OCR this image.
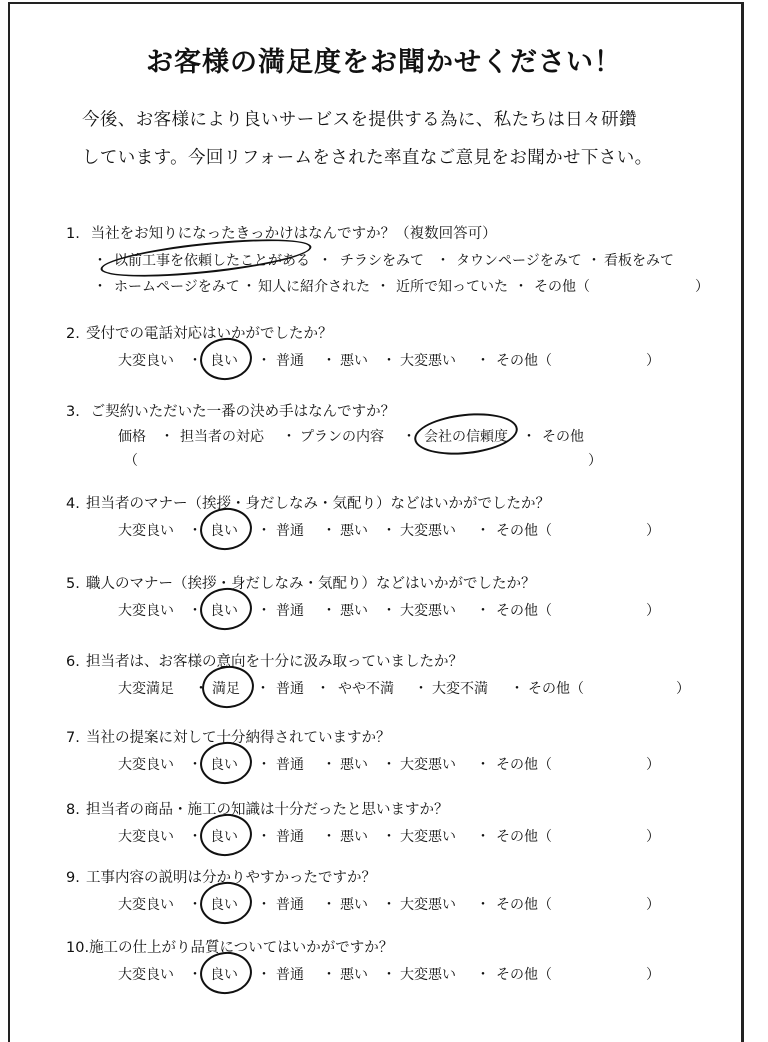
お客様の満足度をお聞かせください！
今後、お客様により良いサービスを提供する為に、私たちは日々研鑽
しています。今回リフォームをされた率直なご意見をお聞かせ下さい。
1. 当社をお知りになったきっかけはなんですか？（複数回答可）
・ 以前工事を依頼したことがある ・ チラシをみて ・ タウンページをみて ・ 看板をみて
・ ホームページをみて ・ 知人に紹介された ・ 近所で知っていた ・ その他（	）
2. 受付での電話対応はいかがでしたか？
大変良い ・ 良い ・ 普通 ・ 悪い ・ 大変悪い ・ その他（	）
4. 担当者のマナー（挨拶・身だしなみ・気配り）などはいかがでしたか？
大変良い ・ 良い ・ 普通 ・ 悪い ・ 大変悪い ・ その他（	）
5. 職人のマナー（挨拶・身だしなみ・気配り）などはいかがでしたか？
大変良い ・ 良い ・ 普通 ・ 悪い ・ 大変悪い ・ その他（	）
6. 担当者は、お客様の意向を十分に汲み取っていましたか？
大変満足 ・ 満足 ・ 普通 ・ やや不満 ・ 大変不満 ・ その他（	）
7. 当社の提案に対して十分納得されていますか？
大変良い ・ 良い ・ 普通 ・ 悪い ・ 大変悪い ・ その他（	）
8. 担当者の商品・施工の知識は十分だったと思いますか？
大変良い ・ 良い ・ 普通 ・ 悪い ・ 大変悪い ・ その他（	）
9. 工事内容の説明は分かりやすかったですか？
大変良い ・ 良い ・ 普通 ・ 悪い ・ 大変悪い ・ その他（	）
10.施工の仕上がり品質についてはいかがですか？
大変良い ・ 良い ・ 普通 ・ 悪い ・ 大変悪い ・ その他（	）
3. ご契約いただいた一番の決め手はなんですか？
価格 ・ 担当者の対応 ・ プランの内容 ・ 会社の信頼度 ・ その他
（	）
